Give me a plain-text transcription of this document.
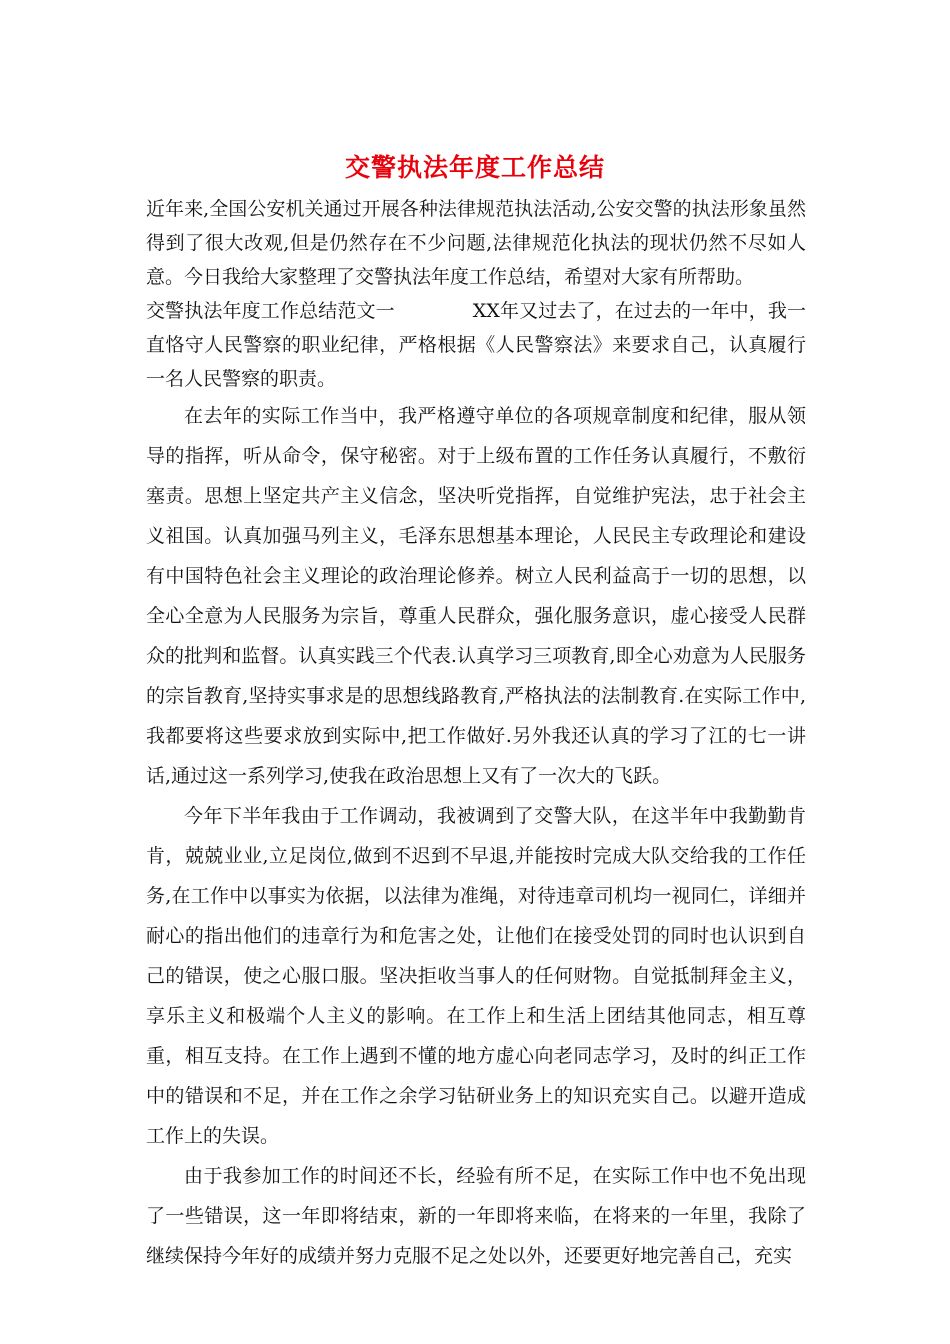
交警执法年度工作总结

近年来,全国公安机关通过开展各种法律规范执法活动,公安交警的执法形象虽然得到了很大改观,但是仍然存在不少问题,法律规范化执法的现状仍然不尽如人意。今日我给大家整理了交警执法年度工作总结，希望对大家有所帮助。

交警执法年度工作总结范文一	XX年又过去了，在过去的一年中，我一直恪守人民警察的职业纪律，严格根据《人民警察法》来要求自己，认真履行一名人民警察的职责。

在去年的实际工作当中，我严格遵守单位的各项规章制度和纪律，服从领导的指挥，听从命令，保守秘密。对于上级布置的工作任务认真履行，不敷衍塞责。思想上坚定共产主义信念，坚决听党指挥，自觉维护宪法，忠于社会主义祖国。认真加强马列主义，毛泽东思想基本理论，人民民主专政理论和建设有中国特色社会主义理论的政治理论修养。树立人民利益高于一切的思想，以全心全意为人民服务为宗旨，尊重人民群众，强化服务意识，虚心接受人民群众的批判和监督。认真实践三个代表.认真学习三项教育,即全心劝意为人民服务的宗旨教育,坚持实事求是的思想线路教育,严格执法的法制教育.在实际工作中,我都要将这些要求放到实际中,把工作做好.另外我还认真的学习了江的七一讲话,通过这一系列学习,使我在政治思想上又有了一次大的飞跃。

今年下半年我由于工作调动，我被调到了交警大队，在这半年中我勤勤肯肯，兢兢业业,立足岗位,做到不迟到不早退,并能按时完成大队交给我的工作任务,在工作中以事实为依据，以法律为准绳，对待违章司机均一视同仁，详细并耐心的指出他们的违章行为和危害之处，让他们在接受处罚的同时也认识到自己的错误，使之心服口服。坚决拒收当事人的任何财物。自觉抵制拜金主义，享乐主义和极端个人主义的影响。在工作上和生活上团结其他同志，相互尊重，相互支持。在工作上遇到不懂的地方虚心向老同志学习，及时的纠正工作中的错误和不足，并在工作之余学习钻研业务上的知识充实自己。以避开造成工作上的失误。

由于我参加工作的时间还不长，经验有所不足，在实际工作中也不免出现了一些错误，这一年即将结束，新的一年即将来临，在将来的一年里，我除了继续保持今年好的成绩并努力克服不足之处以外，还要更好地完善自己，充实
